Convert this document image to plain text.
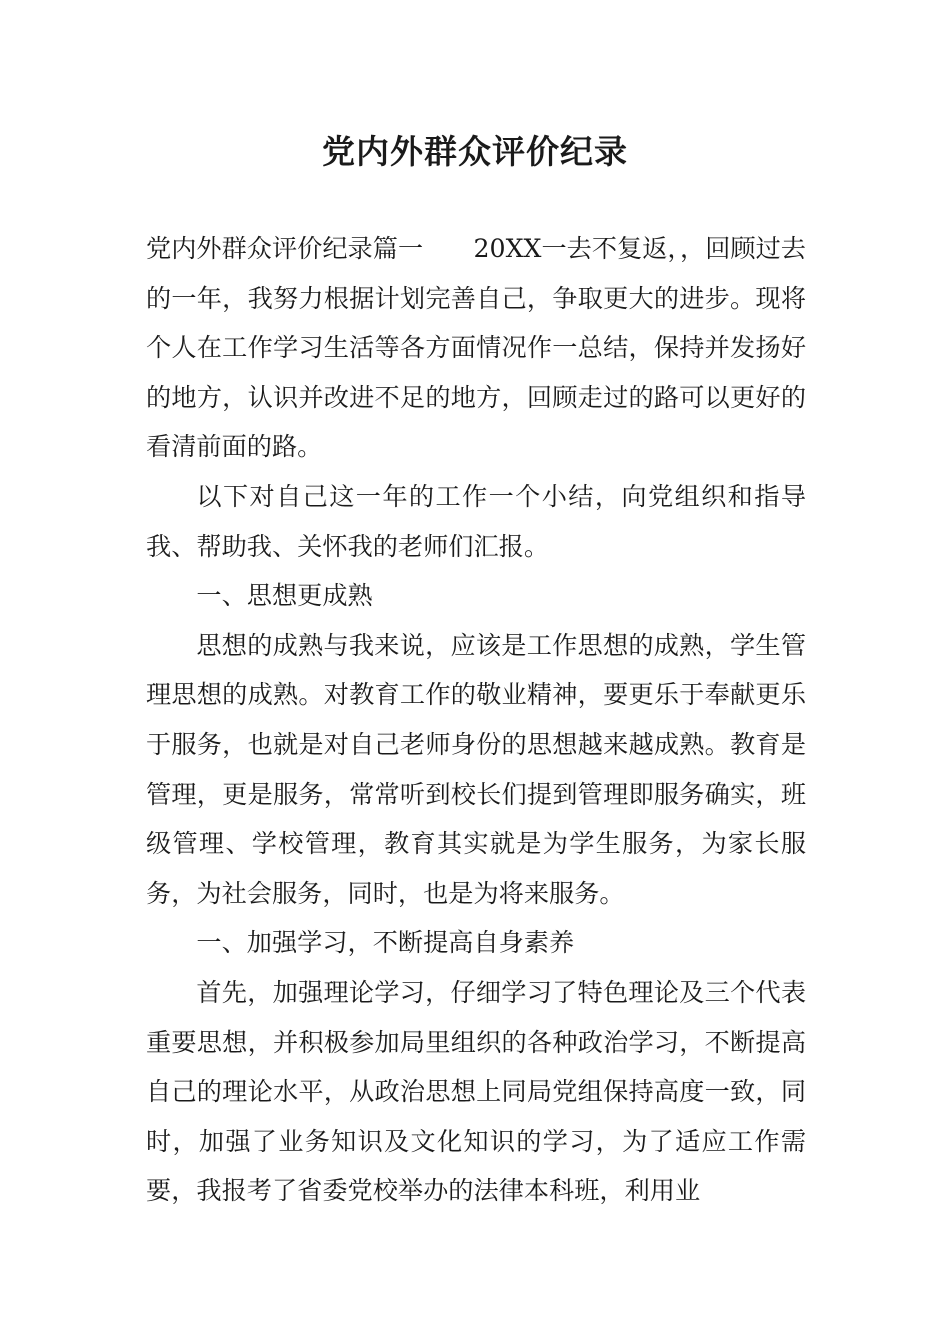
党内外群众评价纪录

党内外群众评价纪录篇一　　20XX一去不复返，，回顾过去的一年，我努力根据计划完善自己，争取更大的进步。现将个人在工作学习生活等各方面情况作一总结，保持并发扬好的地方，认识并改进不足的地方，回顾走过的路可以更好的看清前面的路。

以下对自己这一年的工作一个小结，向党组织和指导我、帮助我、关怀我的老师们汇报。

一、思想更成熟

思想的成熟与我来说，应该是工作思想的成熟，学生管理思想的成熟。对教育工作的敬业精神，要更乐于奉献更乐于服务，也就是对自己老师身份的思想越来越成熟。教育是管理，更是服务，常常听到校长们提到管理即服务确实，班级管理、学校管理，教育其实就是为学生服务，为家长服务，为社会服务，同时，也是为将来服务。

一、加强学习，不断提高自身素养

首先，加强理论学习，仔细学习了特色理论及三个代表重要思想，并积极参加局里组织的各种政治学习，不断提高自己的理论水平，从政治思想上同局党组保持高度一致，同时，加强了业务知识及文化知识的学习，为了适应工作需要，我报考了省委党校举办的法律本科班，利用业
